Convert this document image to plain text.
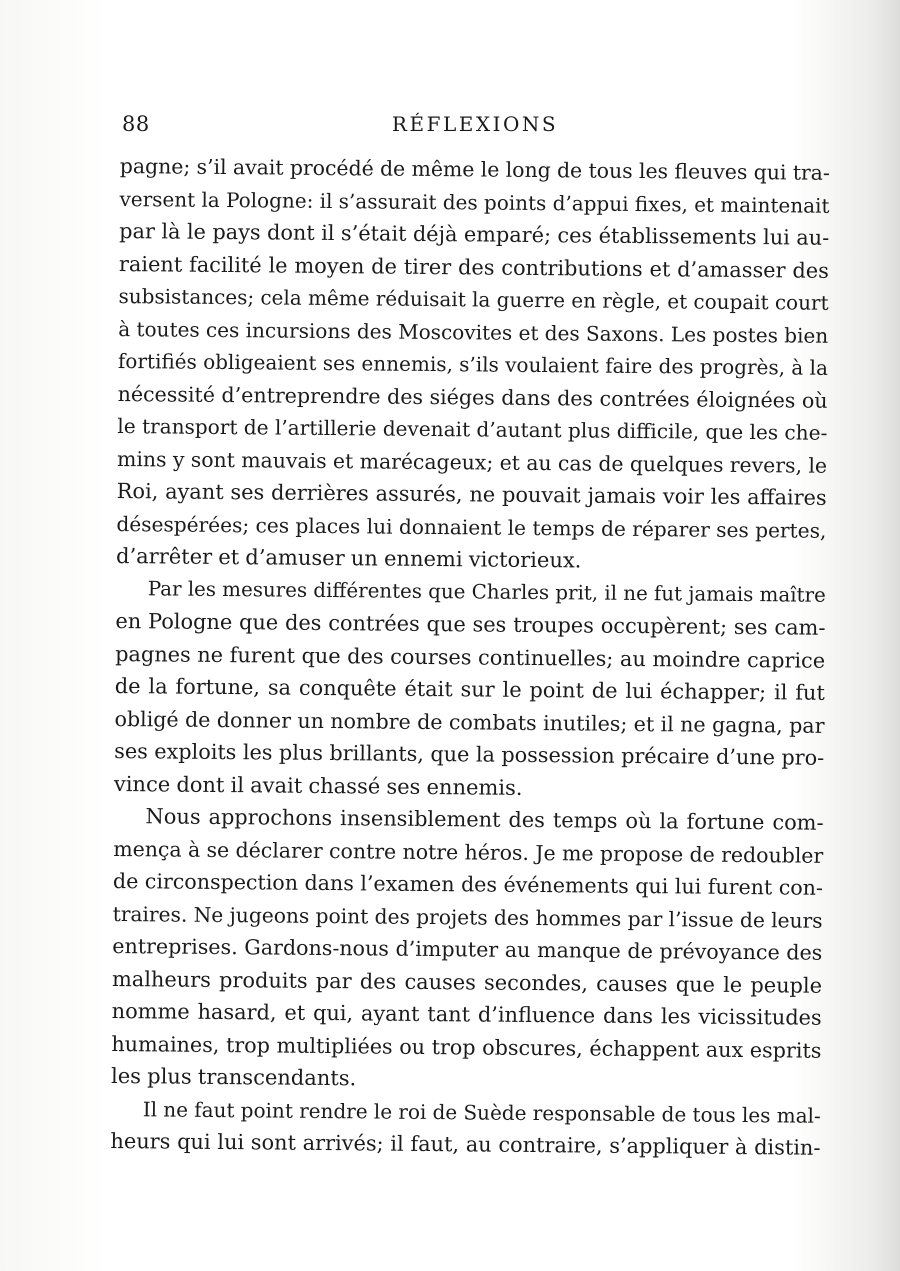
88	RÉFLEXIONS
pagne; s’il avait procédé de même le long de tous les fleuves qui tra-
versent la Pologne: il s’assurait des points d’appui fixes, et maintenait
par là le pays dont il s’était déjà emparé; ces établissements lui au-
raient facilité le moyen de tirer des contributions et d’amasser des
subsistances; cela même réduisait la guerre en règle, et coupait court
à toutes ces incursions des Moscovites et des Saxons. Les postes bien
fortifiés obligeaient ses ennemis, s’ils voulaient faire des progrès, à la
nécessité d’entreprendre des siéges dans des contrées éloignées où
le transport de l’artillerie devenait d’autant plus difficile, que les che-
mins y sont mauvais et marécageux; et au cas de quelques revers, le
Roi, ayant ses derrières assurés, ne pouvait jamais voir les affaires
désespérées; ces places lui donnaient le temps de réparer ses pertes,
d’arrêter et d’amuser un ennemi victorieux.
Par les mesures différentes que Charles prit, il ne fut jamais maître
en Pologne que des contrées que ses troupes occupèrent; ses cam-
pagnes ne furent que des courses continuelles; au moindre caprice
de la fortune, sa conquête était sur le point de lui échapper; il fut
obligé de donner un nombre de combats inutiles; et il ne gagna, par
ses exploits les plus brillants, que la possession précaire d’une pro-
vince dont il avait chassé ses ennemis.
Nous approchons insensiblement des temps où la fortune com-
mença à se déclarer contre notre héros. Je me propose de redoubler
de circonspection dans l’examen des événements qui lui furent con-
traires. Ne jugeons point des projets des hommes par l’issue de leurs
entreprises. Gardons-nous d’imputer au manque de prévoyance des
malheurs produits par des causes secondes, causes que le peuple
nomme hasard, et qui, ayant tant d’influence dans les vicissitudes
humaines, trop multipliées ou trop obscures, échappent aux esprits
les plus transcendants.
Il ne faut point rendre le roi de Suède responsable de tous les mal-
heurs qui lui sont arrivés; il faut, au contraire, s’appliquer à distin-
